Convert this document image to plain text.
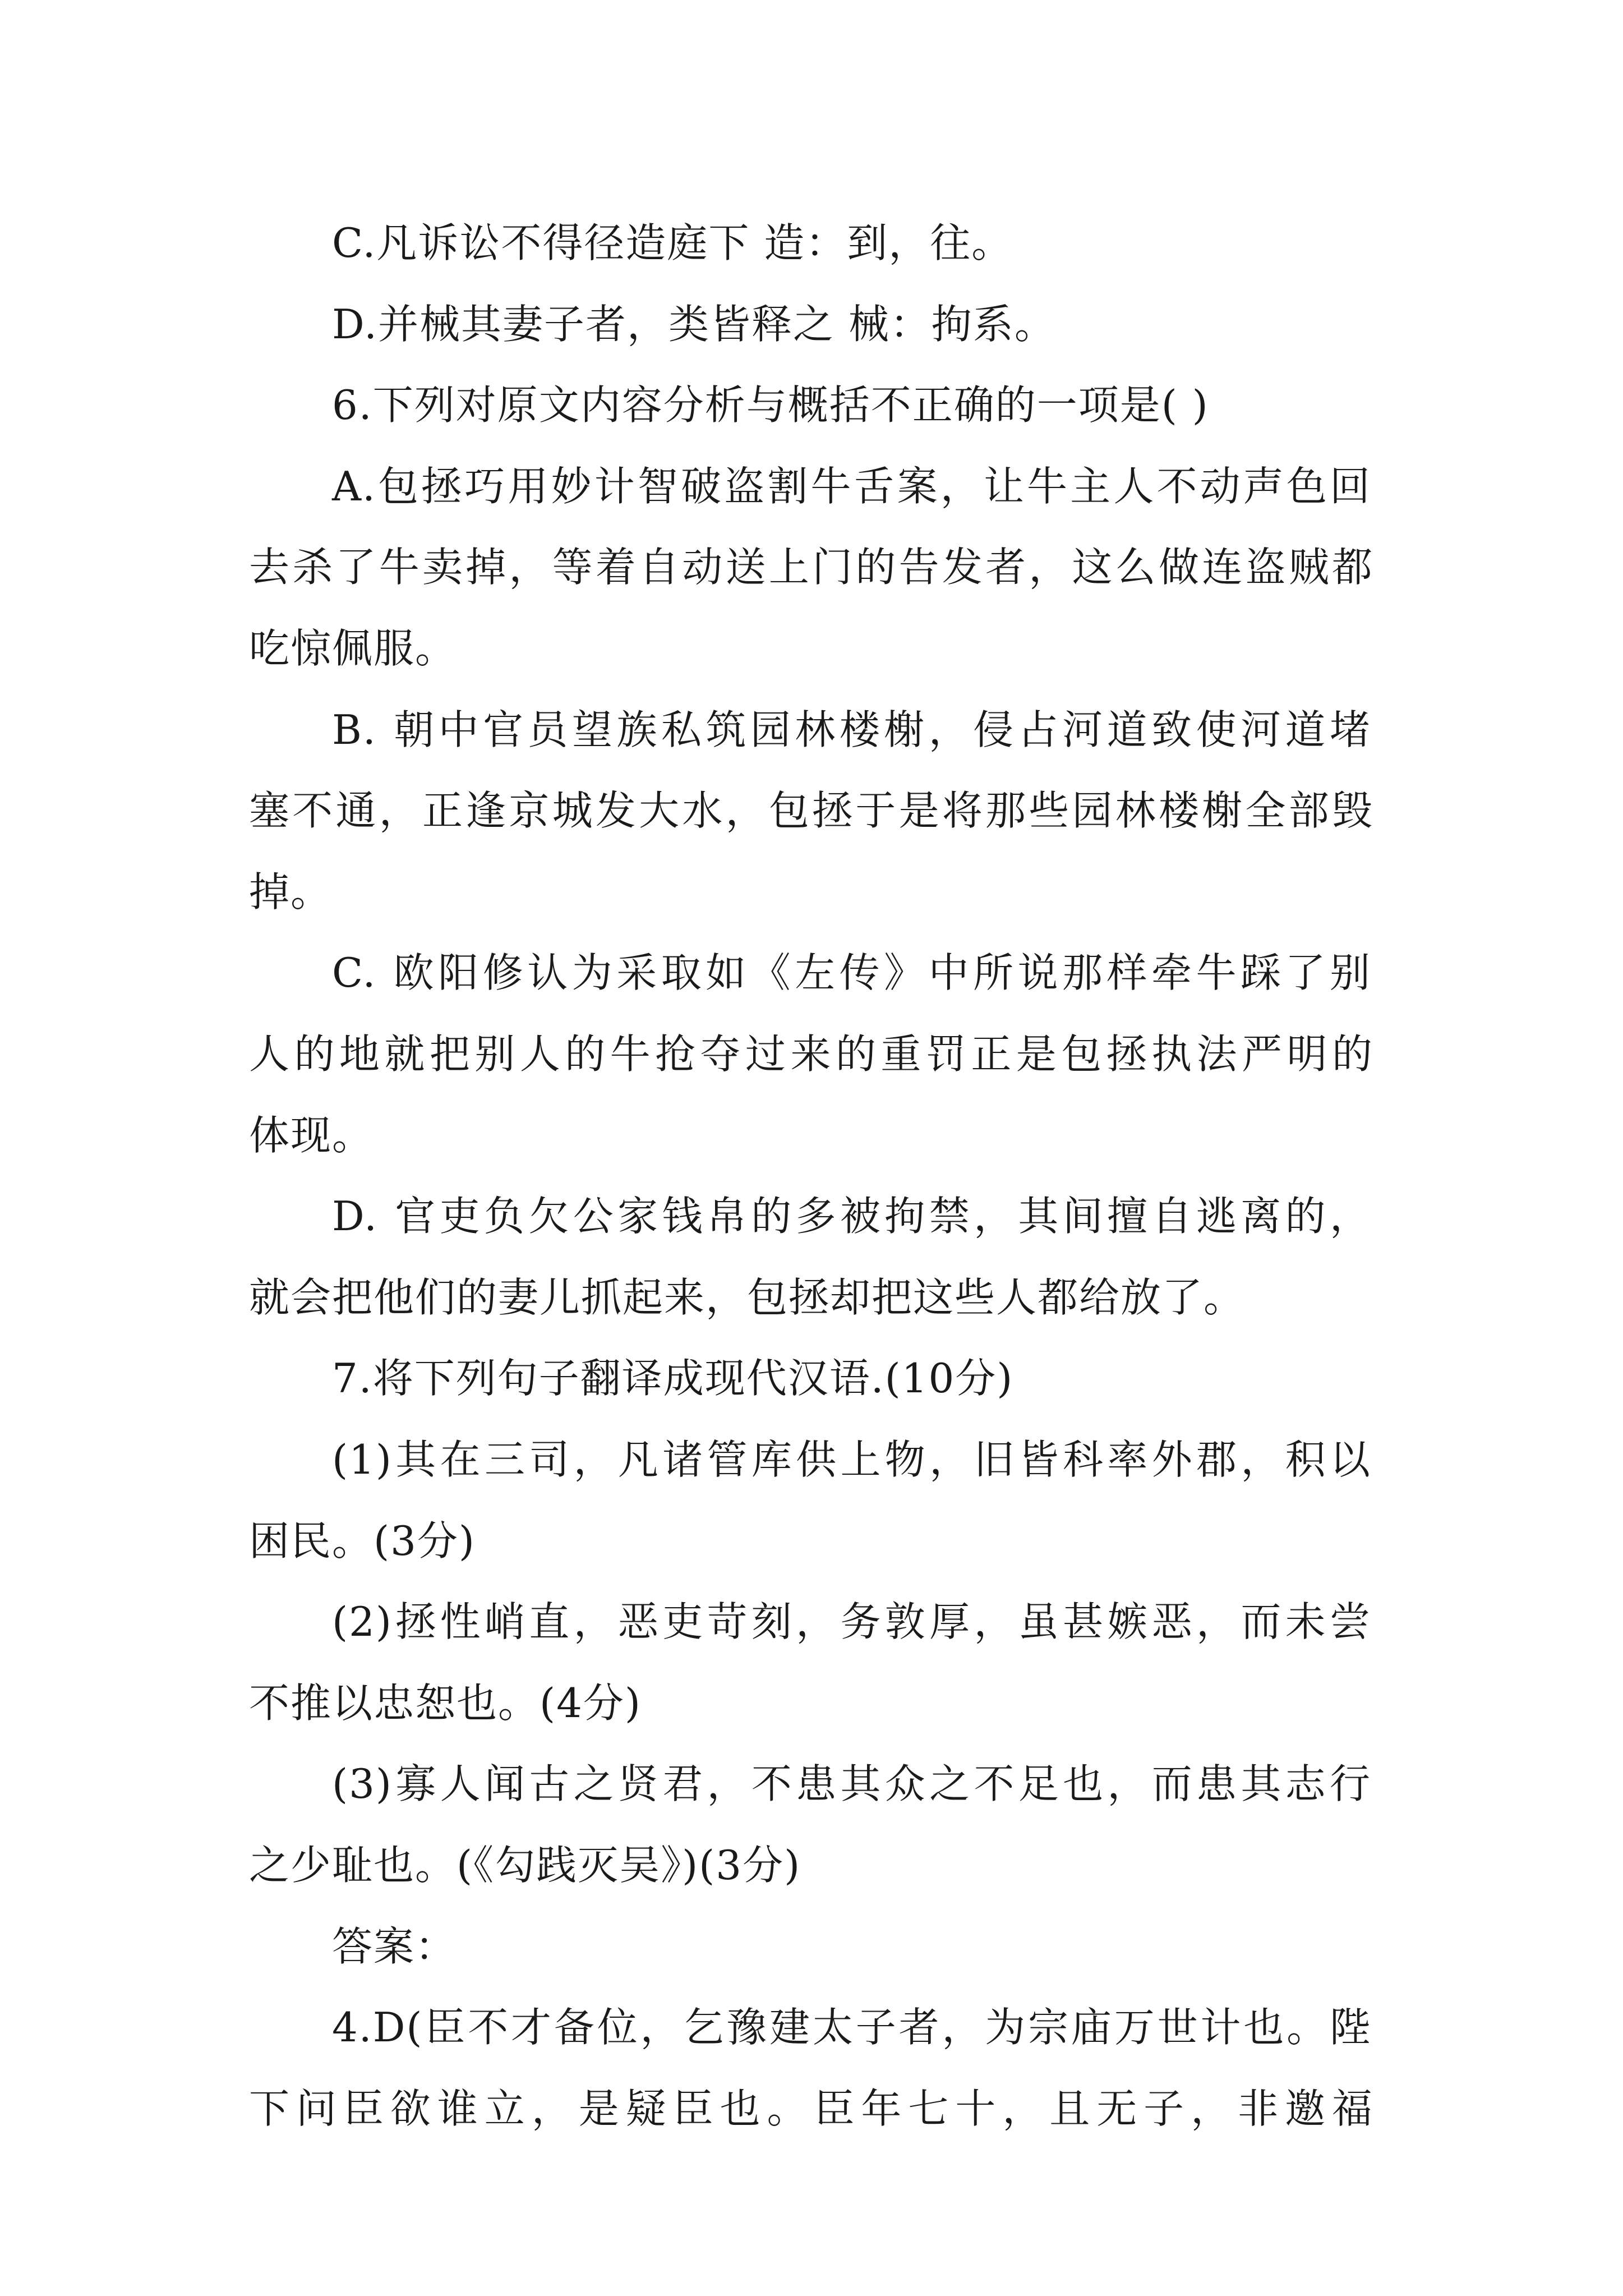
C.凡诉讼不得径造庭下 造：到，往。
D.并械其妻子者，类皆释之 械：拘系。
6.下列对原文内容分析与概括不正确的一项是( )
A.包拯巧用妙计智破盗割牛舌案，让牛主人不动声色回
去杀了牛卖掉，等着自动送上门的告发者，这么做连盗贼都
吃惊佩服。
B. 朝中官员望族私筑园林楼榭，侵占河道致使河道堵
塞不通，正逢京城发大水，包拯于是将那些园林楼榭全部毁
掉。
C. 欧阳修认为采取如《左传》中所说那样牵牛踩了别
人的地就把别人的牛抢夺过来的重罚正是包拯执法严明的
体现。
D. 官吏负欠公家钱帛的多被拘禁，其间擅自逃离的，
就会把他们的妻儿抓起来，包拯却把这些人都给放了。
7.将下列句子翻译成现代汉语.(10分)
(1)其在三司，凡诸管库供上物，旧皆科率外郡，积以
困民。(3分)
(2)拯性峭直，恶吏苛刻，务敦厚，虽甚嫉恶，而未尝
不推以忠恕也。(4分)
(3)寡人闻古之贤君，不患其众之不足也，而患其志行
之少耻也。(《勾践灭吴》)(3分)
答案：
4.D(臣不才备位，乞豫建太子者，为宗庙万世计也。陛
下问臣欲谁立，是疑臣也。臣年七十，且无子，非邀福
